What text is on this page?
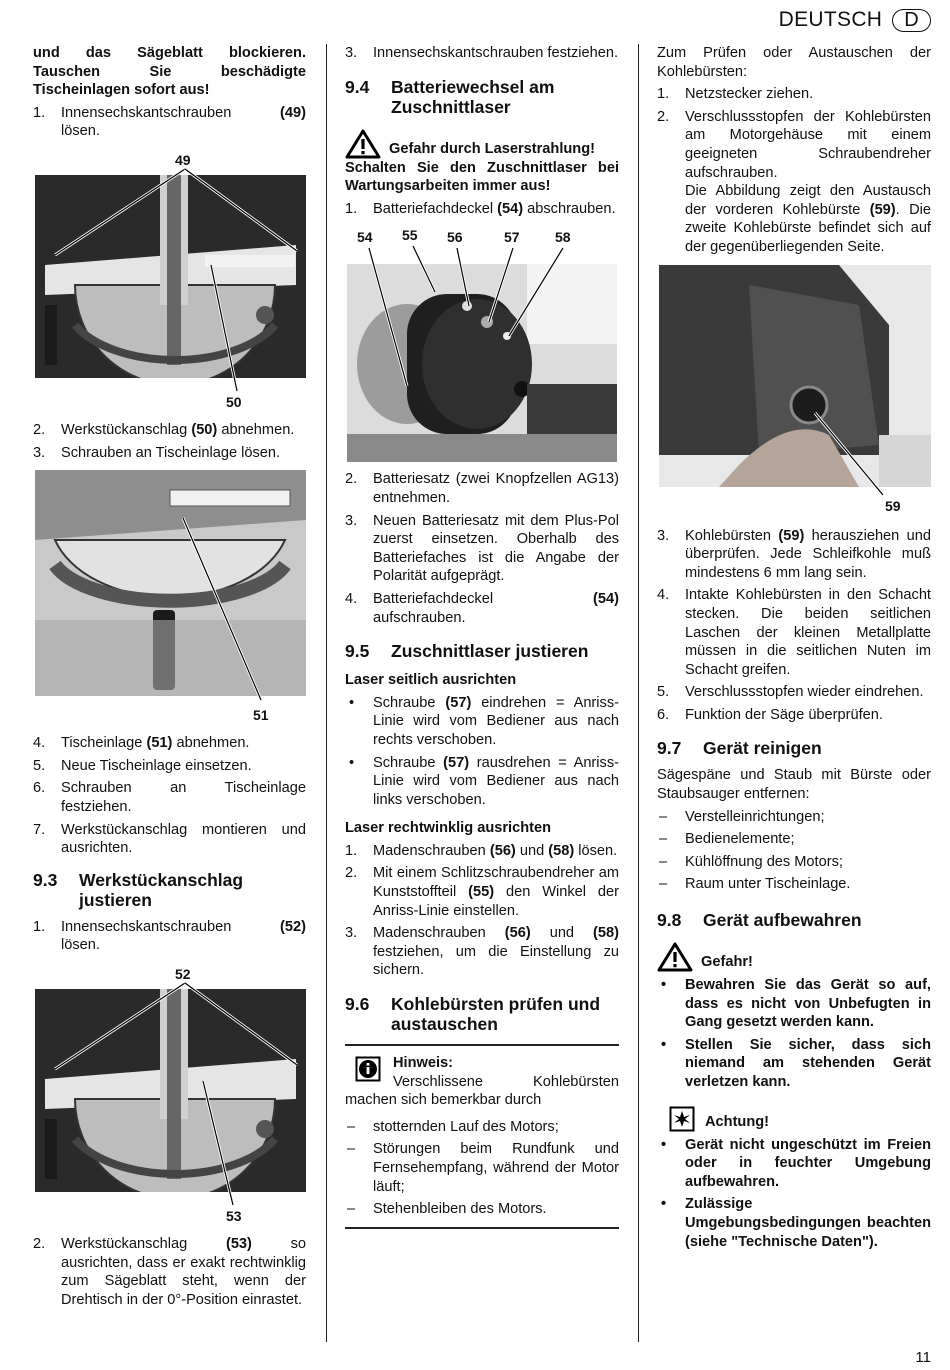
DEUTSCH D

und das Sägeblatt blockieren. Tauschen Sie beschädigte Tischeinlagen sofort aus!

1. Innensechskantschrauben	(49)
lösen.
49
50
2. Werkstückanschlag (50) abnehmen.
3. Schrauben an Tischeinlage lösen.
51
4. Tischeinlage (51) abnehmen.
5. Neue Tischeinlage einsetzen.
6. Schrauben an Tischeinlage festziehen.
7. Werkstückanschlag montieren und ausrichten.
9.3 Werkstückanschlag justieren
1. Innensechskantschrauben	(52)
lösen.
52
53
2. Werkstückanschlag (53) so ausrichten, dass er exakt rechtwinklig zum Sägeblatt steht, wenn der Drehtisch in der 0°-Position einrastet.
3. Innensechskantschrauben festziehen.
9.4 Batteriewechsel am Zuschnittlaser

Gefahr durch Laserstrahlung!

Schalten Sie den Zuschnittlaser bei Wartungsarbeiten immer aus!

1. Batteriefachdeckel (54) abschrauben.
54 55 56	57	58
2. Batteriesatz (zwei Knopfzellen AG13) entnehmen.
3. Neuen Batteriesatz mit dem Plus-Pol zuerst einsetzen. Oberhalb des Batteriefaches ist die Angabe der Polarität aufgeprägt.
4. Batteriefachdeckel (54) aufschrauben.
9.5 Zuschnittlaser justieren

Laser seitlich ausrichten

• Schraube (57) eindrehen = Anriss-Linie wird vom Bediener aus nach rechts verschoben.
• Schraube (57) rausdrehen = Anriss-Linie wird vom Bediener aus nach links verschoben.

Laser rechtwinklig ausrichten

1. Madenschrauben (56) und (58) lösen.
2. Mit einem Schlitzschraubendreher am Kunststoffteil (55) den Winkel der Anriss-Linie einstellen.
3. Madenschrauben (56) und (58) festziehen, um die Einstellung zu sichern.
9.6 Kohlebürsten prüfen und austauschen

Hinweis:

Verschlissene Kohlebürsten machen sich bemerkbar durch

– stotternden Lauf des Motors;
– Störungen beim Rundfunk und Fernsehempfang, während der Motor läuft;
– Stehenbleiben des Motors.

Zum Prüfen oder Austauschen der Kohlebürsten:

1. Netzstecker ziehen.
2. Verschlussstopfen der Kohlebürsten am Motorgehäuse mit einem geeigneten Schraubendreher aufschrauben.
Die Abbildung zeigt den Austausch der vorderen Kohlebürste (59). Die zweite Kohlebürste befindet sich auf der gegenüberliegenden Seite.
59
3. Kohlebürsten (59) herausziehen und überprüfen. Jede Schleifkohle muß mindestens 6 mm lang sein.
4. Intakte Kohlebürsten in den Schacht stecken. Die beiden seitlichen Laschen der kleinen Metallplatte müssen in die seitlichen Nuten im Schacht greifen.
5. Verschlussstopfen wieder eindrehen.
6. Funktion der Säge überprüfen.
9.7 Gerät reinigen

Sägespäne und Staub mit Bürste oder Staubsauger entfernen:

– Verstelleinrichtungen;
– Bedienelemente;
– Kühlöffnung des Motors;
– Raum unter Tischeinlage.
9.8 Gerät aufbewahren

Gefahr!

• Bewahren Sie das Gerät so auf, dass es nicht von Unbefugten in Gang gesetzt werden kann.
• Stellen Sie sicher, dass sich niemand am stehenden Gerät verletzen kann.

Achtung!

• Gerät nicht ungeschützt im Freien oder in feuchter Umgebung aufbewahren.
• Zulässige Umgebungsbedingungen beachten (siehe "Technische Daten").
11
